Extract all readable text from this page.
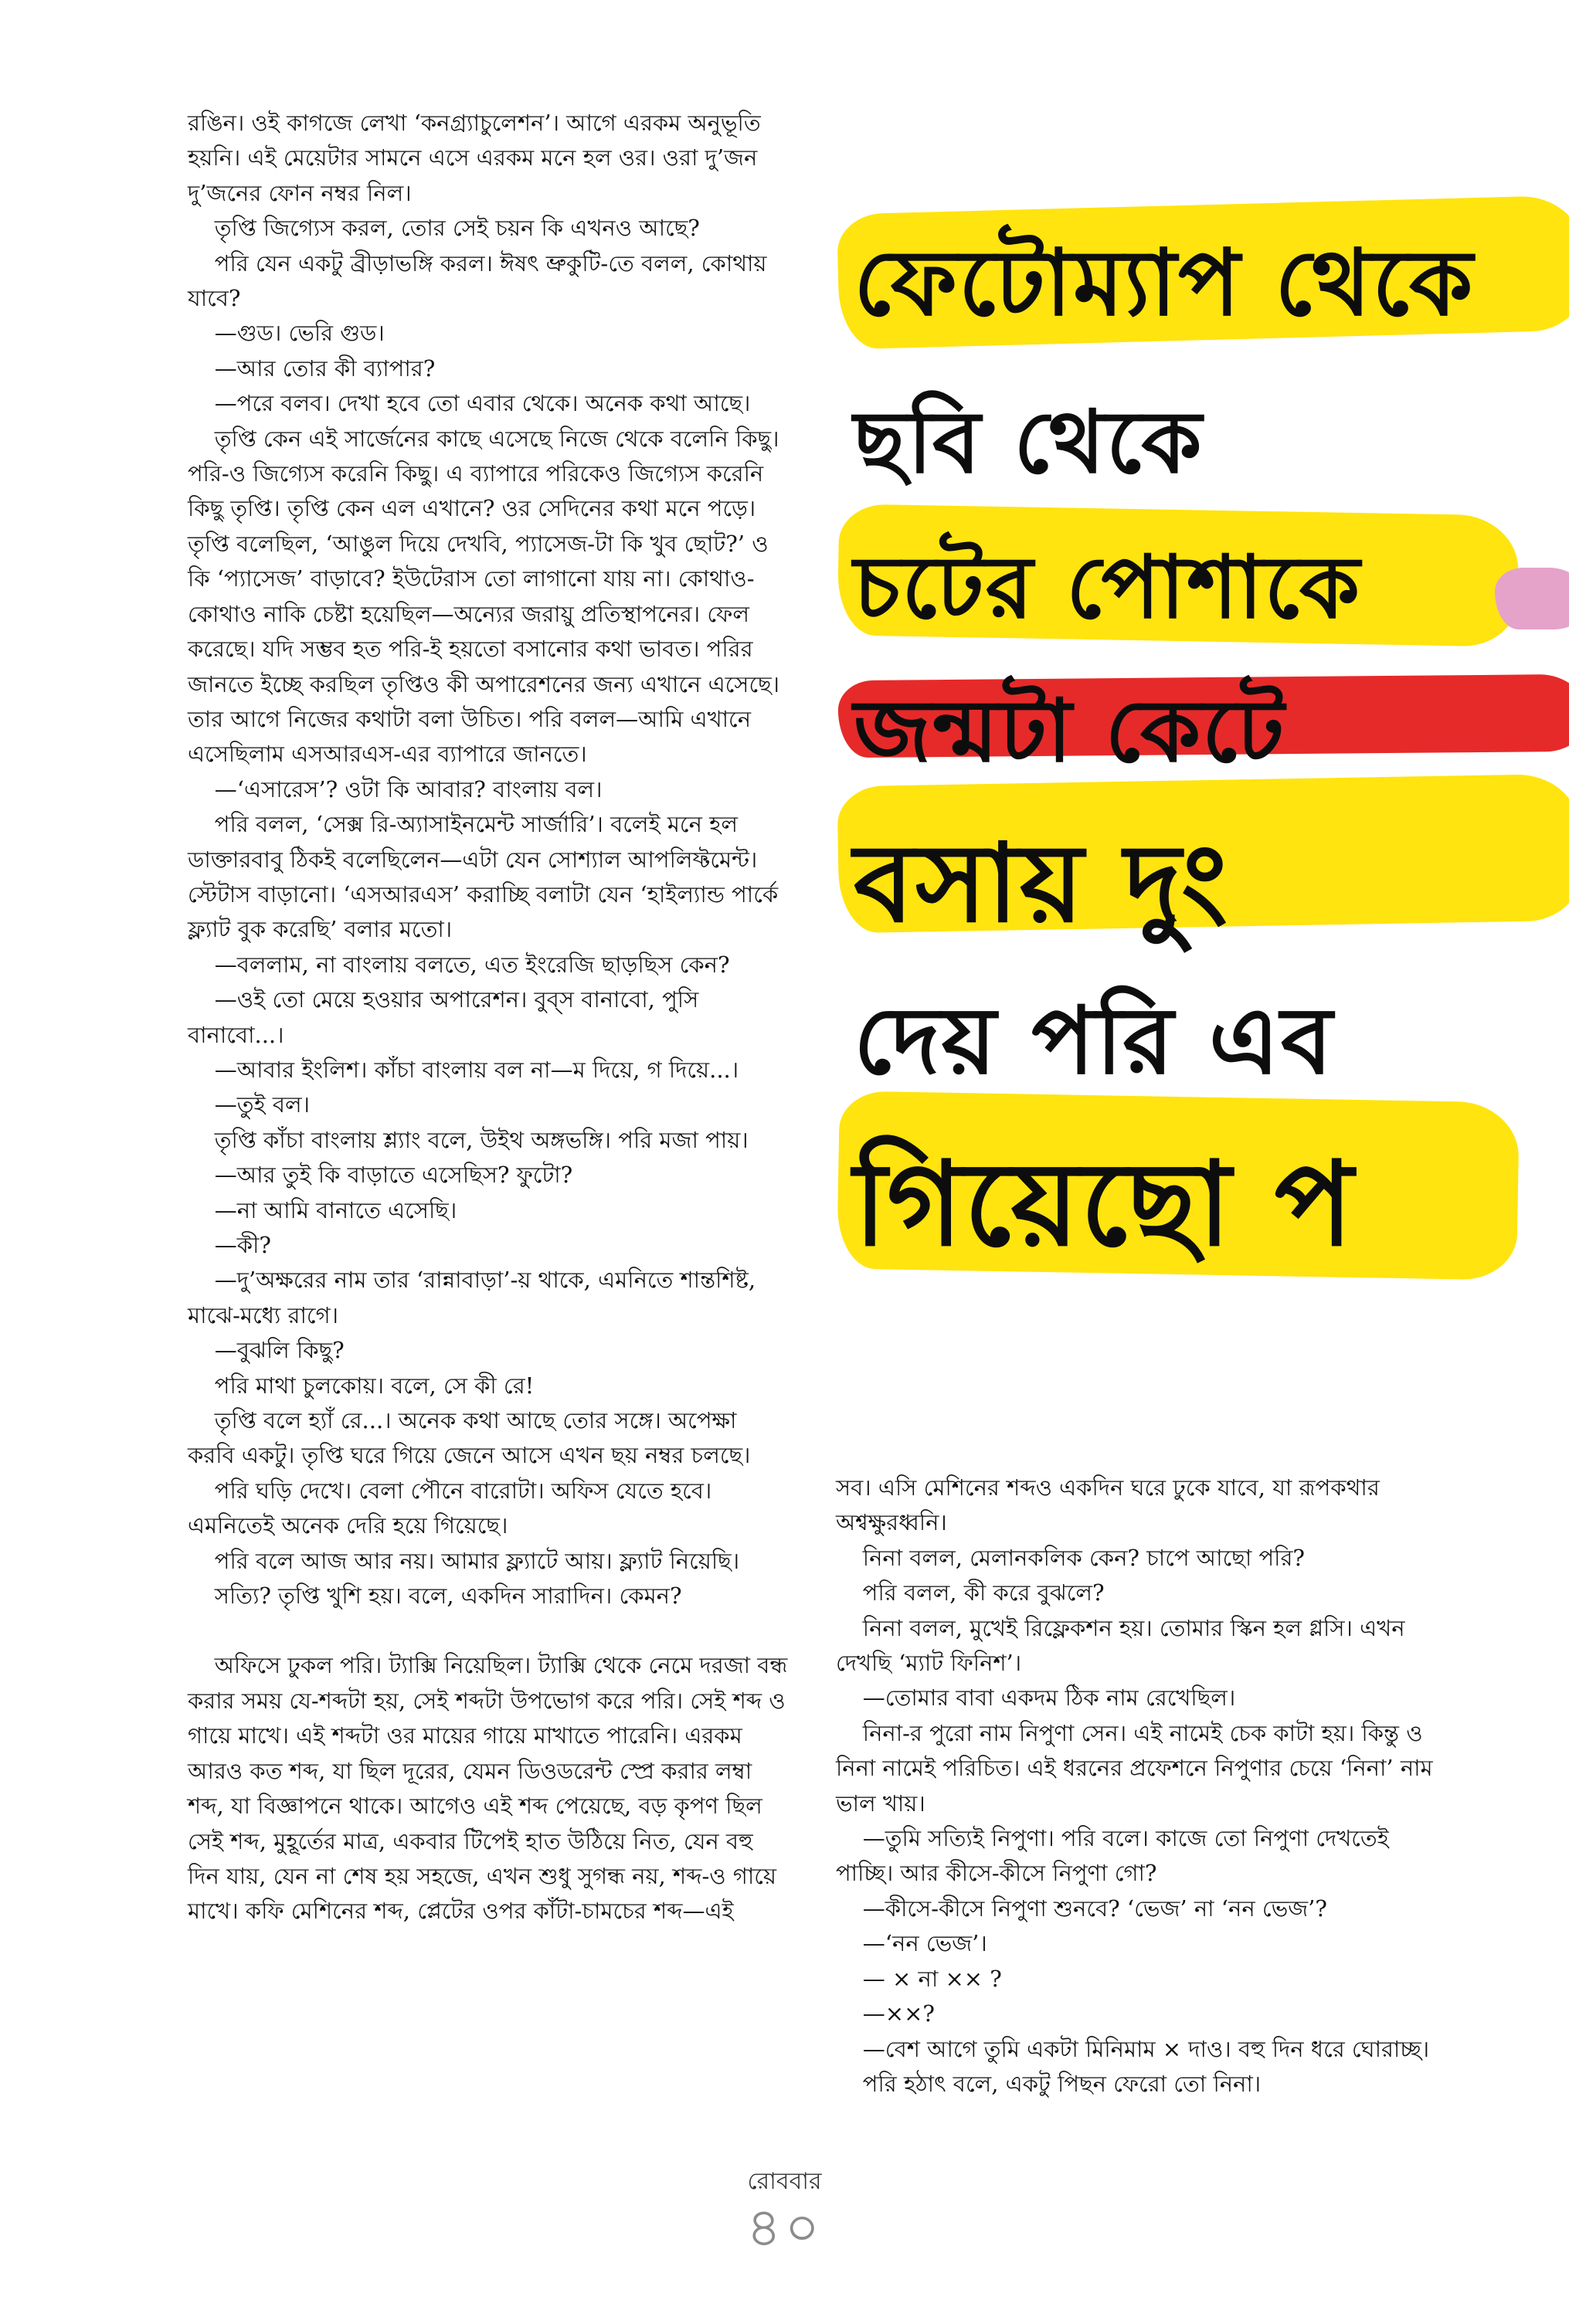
রঙিন। ওই কাগজে লেখা ‘কনগ্র্যাচুলেশন’। আগে এরকম অনুভূতি হয়নি। এই মেয়েটার সামনে এসে এরকম মনে হল ওর। ওরা দু’জন দু’জনের ফোন নম্বর নিল।

তৃপ্তি জিগ্যেস করল, তোর সেই চয়ন কি এখনও আছে?

পরি যেন একটু ব্রীড়াভঙ্গি করল। ঈষৎ ভ্রুকুটি-তে বলল, কোথায় যাবে?

—গুড। ভেরি গুড।

—আর তোর কী ব্যাপার?

—পরে বলব। দেখা হবে তো এবার থেকে। অনেক কথা আছে।

তৃপ্তি কেন এই সার্জেনের কাছে এসেছে নিজে থেকে বলেনি কিছু। পরি-ও জিগ্যেস করেনি কিছু। এ ব্যাপারে পরিকেও জিগ্যেস করেনি কিছু তৃপ্তি। তৃপ্তি কেন এল এখানে? ওর সেদিনের কথা মনে পড়ে। তৃপ্তি বলেছিল, ‘আঙুল দিয়ে দেখবি, প্যাসেজ-টা কি খুব ছোট?’ ও কি ‘প্যাসেজ’ বাড়াবে? ইউটেরাস তো লাগানো যায় না। কোথাও-কোথাও নাকি চেষ্টা হয়েছিল—অন্যের জরায়ু প্রতিস্থাপনের। ফেল করেছে। যদি সম্ভব হত পরি-ই হয়তো বসানোর কথা ভাবত। পরির জানতে ইচ্ছে করছিল তৃপ্তিও কী অপারেশনের জন্য এখানে এসেছে। তার আগে নিজের কথাটা বলা উচিত। পরি বলল—আমি এখানে এসেছিলাম এসআরএস-এর ব্যাপারে জানতে।

—‘এসারেস’? ওটা কি আবার? বাংলায় বল।

পরি বলল, ‘সেক্স রি-অ্যাসাইনমেন্ট সার্জারি’। বলেই মনে হল ডাক্তারবাবু ঠিকই বলেছিলেন—এটা যেন সোশ্যাল আপলিফ্টমেন্ট। স্টেটাস বাড়ানো। ‘এসআরএস’ করাচ্ছি বলাটা যেন ‘হাইল্যান্ড পার্কে ফ্ল্যাট বুক করেছি’ বলার মতো।

—বললাম, না বাংলায় বলতে, এত ইংরেজি ছাড়ছিস কেন?

—ওই তো মেয়ে হওয়ার অপারেশন। বুব্স বানাবো, পুসি বানাবো...।

—আবার ইংলিশ। কাঁচা বাংলায় বল না—ম দিয়ে, গ দিয়ে...।

—তুই বল।

তৃপ্তি কাঁচা বাংলায় শ্ল্যাং বলে, উইথ অঙ্গভঙ্গি। পরি মজা পায়।

—আর তুই কি বাড়াতে এসেছিস? ফুটো?

—না আমি বানাতে এসেছি।

—কী?

—দু’অক্ষরের নাম তার ‘রান্নাবাড়া’-য় থাকে, এমনিতে শান্তশিষ্ট, মাঝে-মধ্যে রাগে।

—বুঝলি কিছু?

পরি মাথা চুলকোয়। বলে, সে কী রে!

তৃপ্তি বলে হ্যাঁ রে...। অনেক কথা আছে তোর সঙ্গে। অপেক্ষা করবি একটু। তৃপ্তি ঘরে গিয়ে জেনে আসে এখন ছয় নম্বর চলছে।

পরি ঘড়ি দেখে। বেলা পৌনে বারোটা। অফিস যেতে হবে। এমনিতেই অনেক দেরি হয়ে গিয়েছে।

পরি বলে আজ আর নয়। আমার ফ্ল্যাটে আয়। ফ্ল্যাট নিয়েছি।

সত্যি? তৃপ্তি খুশি হয়। বলে, একদিন সারাদিন। কেমন?

অফিসে ঢুকল পরি। ট্যাক্সি নিয়েছিল। ট্যাক্সি থেকে নেমে দরজা বন্ধ করার সময় যে-শব্দটা হয়, সেই শব্দটা উপভোগ করে পরি। সেই শব্দ ও গায়ে মাখে। এই শব্দটা ওর মায়ের গায়ে মাখাতে পারেনি। এরকম আরও কত শব্দ, যা ছিল দূরের, যেমন ডিওডরেন্ট স্প্রে করার লম্বা শব্দ, যা বিজ্ঞাপনে থাকে। আগেও এই শব্দ পেয়েছে, বড় কৃপণ ছিল সেই শব্দ, মুহূর্তের মাত্র, একবার টিপেই হাত উঠিয়ে নিত, যেন বহু দিন যায়, যেন না শেষ হয় সহজে, এখন শুধু সুগন্ধ নয়, শব্দ-ও গায়ে মাখে। কফি মেশিনের শব্দ, প্লেটের ওপর কাঁটা-চামচের শব্দ—এই

সব। এসি মেশিনের শব্দও একদিন ঘরে ঢুকে যাবে, যা রূপকথার অশ্বক্ষুরধ্বনি।

নিনা বলল, মেলানকলিক কেন? চাপে আছো পরি?

পরি বলল, কী করে বুঝলে?

নিনা বলল, মুখেই রিফ্লেকশন হয়। তোমার স্কিন হল গ্লসি। এখন দেখছি ‘ম্যাট ফিনিশ’।

—তোমার বাবা একদম ঠিক নাম রেখেছিল।

নিনা-র পুরো নাম নিপুণা সেন। এই নামেই চেক কাটা হয়। কিন্তু ও নিনা নামেই পরিচিত। এই ধরনের প্রফেশনে নিপুণার চেয়ে ‘নিনা’ নাম ভাল খায়।

—তুমি সত্যিই নিপুণা। পরি বলে। কাজে তো নিপুণা দেখতেই পাচ্ছি। আর কীসে-কীসে নিপুণা গো?

—কীসে-কীসে নিপুণা শুনবে? ‘ভেজ’ না ‘নন ভেজ’?

—‘নন ভেজ’।

— × না ×× ?

—××?

—বেশ আগে তুমি একটা মিনিমাম × দাও। বহু দিন ধরে ঘোরাচ্ছ।

পরি হঠাৎ বলে, একটু পিছন ফেরো তো নিনা।

ফেটোম্যাপ থেকে
ছবি থেকে
চটের পোশাকে
জন্মটা কেটে
বসায় দুং
দেয় পরি এব
গিয়েছো প
রোববার
৪০
